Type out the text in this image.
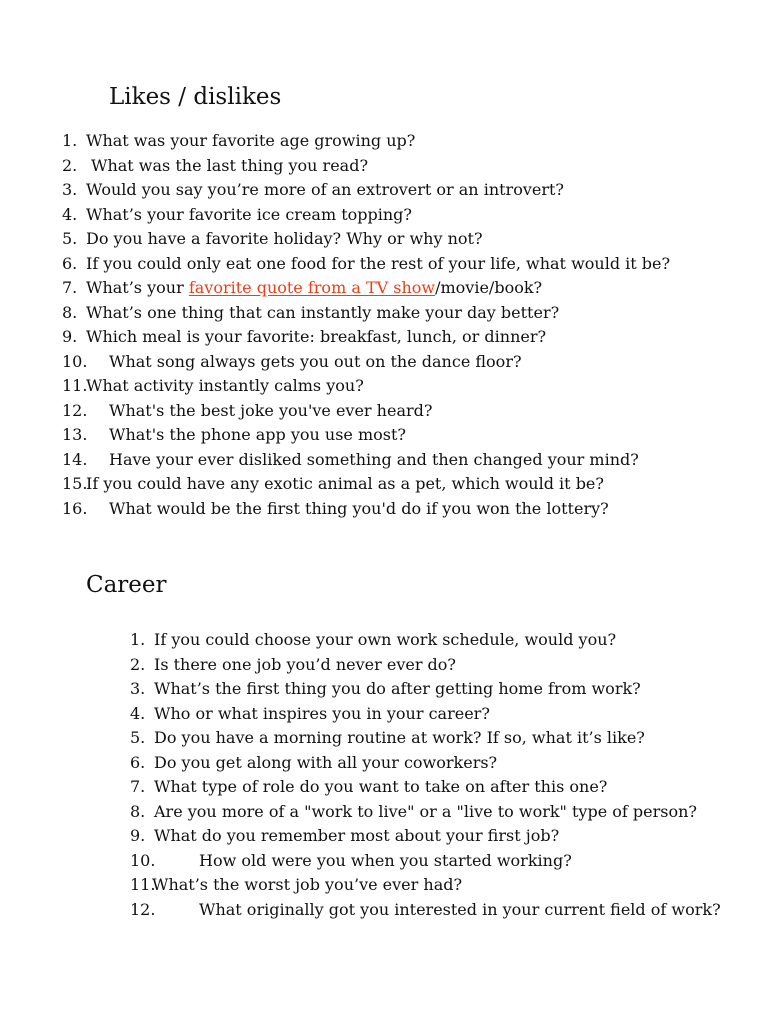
Likes / dislikes
1. What was your favorite age growing up?
2. What was the last thing you read?
3. Would you say you’re more of an extrovert or an introvert?
4. What’s your favorite ice cream topping?
5. Do you have a favorite holiday? Why or why not?
6. If you could only eat one food for the rest of your life, what would it be?
7. What’s your favorite quote from a TV show/movie/book?
8. What’s one thing that can instantly make your day better?
9. Which meal is your favorite: breakfast, lunch, or dinner?
10. What song always gets you out on the dance floor?
11.
What activity instantly calms you?
12. What's the best joke you've ever heard?
13. What's the phone app you use most?
14. Have your ever disliked something and then changed your mind?
15.
If you could have any exotic animal as a pet, which would it be?
16. What would be the first thing you'd do if you won the lottery?
Career
1. If you could choose your own work schedule, would you?
2. Is there one job you’d never ever do?
3. What’s the first thing you do after getting home from work?
4. Who or what inspires you in your career?
5. Do you have a morning routine at work? If so, what it’s like?
6. Do you get along with all your coworkers?
7. What type of role do you want to take on after this one?
8. Are you more of a "work to live" or a "live to work" type of person?
9. What do you remember most about your first job?
10.	How old were you when you started working?
11.
What’s the worst job you’ve ever had?
12.	What originally got you interested in your current field of work?
